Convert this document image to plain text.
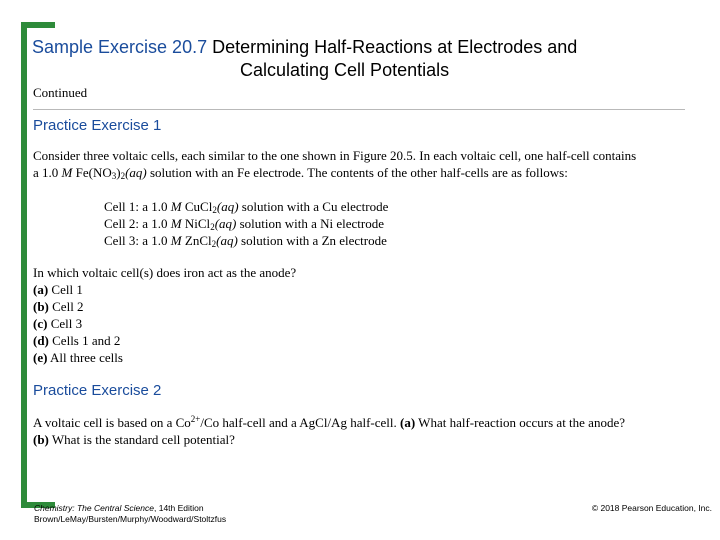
Sample Exercise 20.7 Determining Half-Reactions at Electrodes and
Calculating Cell Potentials
Continued
Practice Exercise 1
Consider three voltaic cells, each similar to the one shown in Figure 20.5. In each voltaic cell, one half-cell contains
a 1.0 M $Fe(NO_3)_2(aq)$ solution with an Fe electrode. The contents of the other half-cells are as follows:
Cell 1: a 1.0 M CuCl$_2$(aq) solution with a Cu electrode
Cell 2: a 1.0 M NiCl$_2$(aq) solution with a Ni electrode
Cell 3: a 1.0 M ZnCl$_2$(aq) solution with a Zn electrode
In which voltaic cell(s) does iron act as the anode?
(a) Cell 1
(b) Cell 2
(c) Cell 3
(d) Cells 1 and 2
(e) All three cells
Practice Exercise 2
A voltaic cell is based on a $Co^{2+}/Co$ half-cell and a AgCl/Ag half-cell. (a) What half-reaction occurs at the anode?
(b) What is the standard cell potential?
Chemistry: The Central Science, 14th Edition
Brown/LeMay/Bursten/Murphy/Woodward/Stoltzfus
© 2018 Pearson Education, Inc.
